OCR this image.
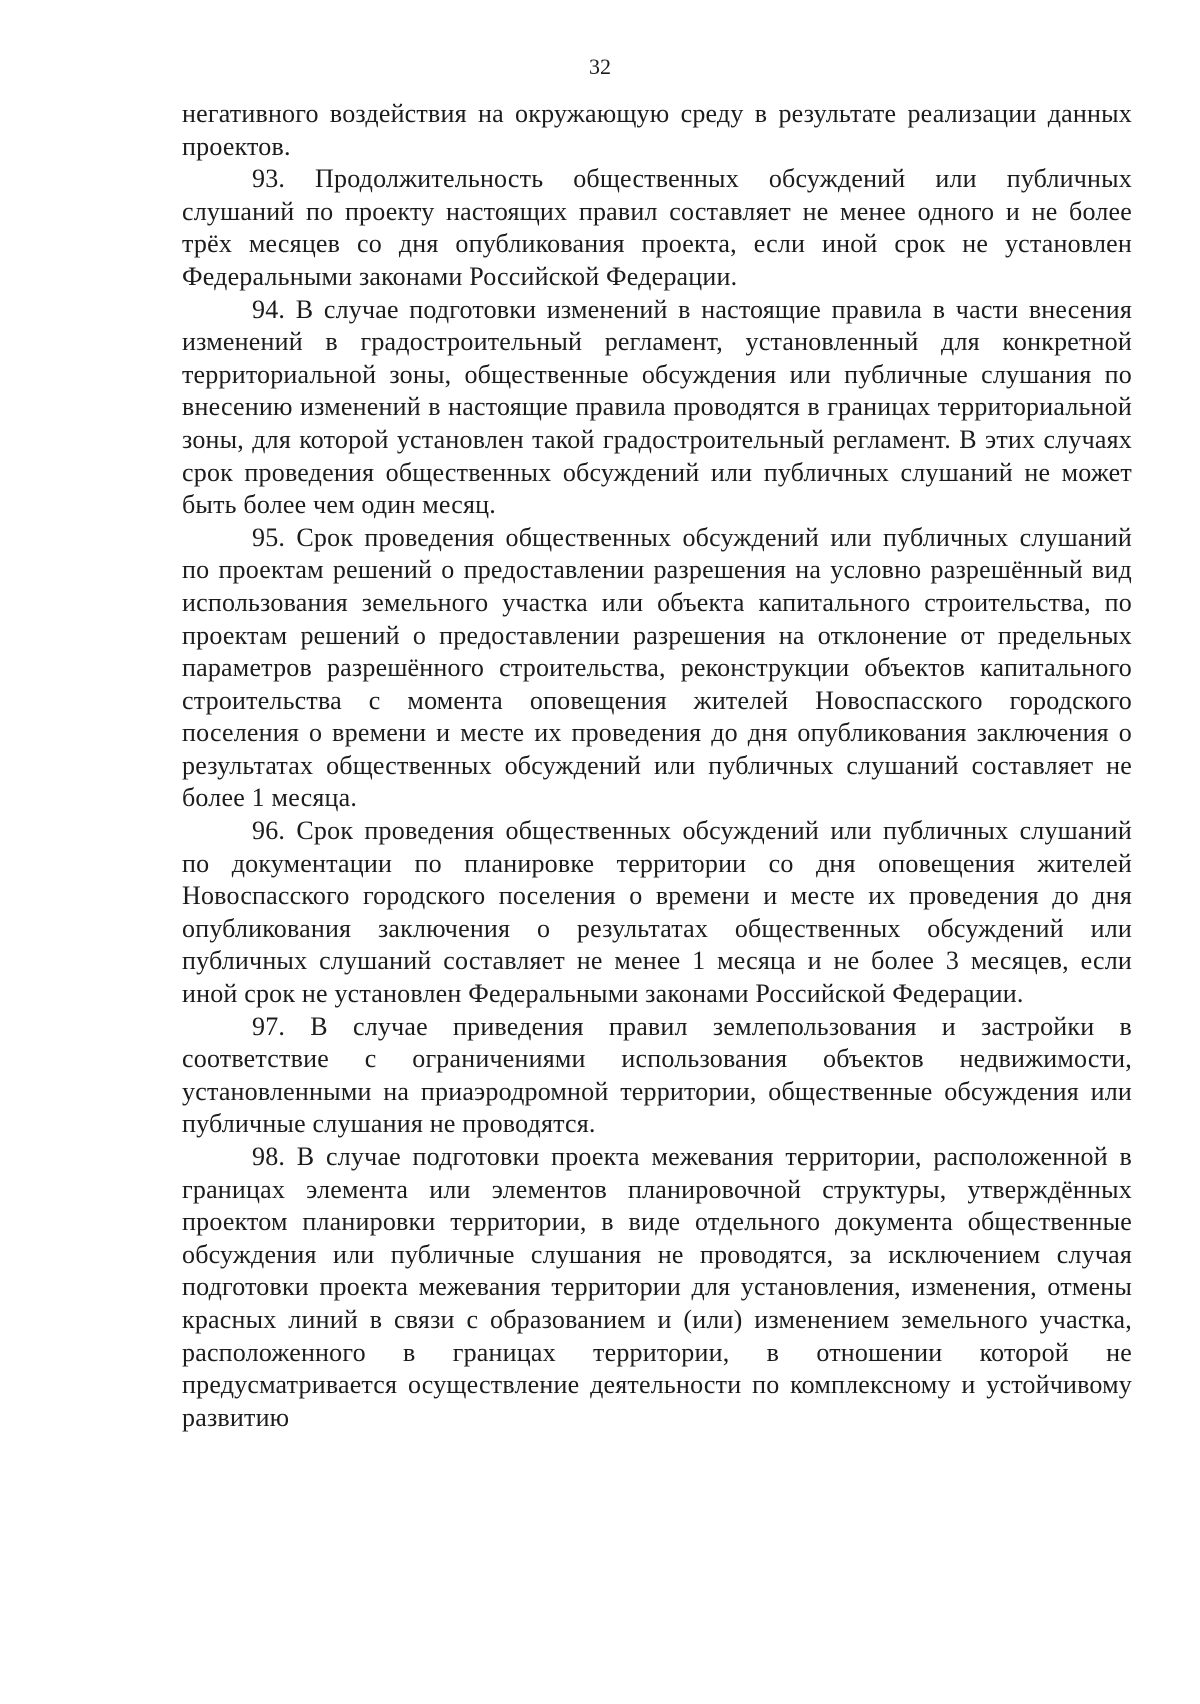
32

негативного воздействия на окружающую среду в результате реализации данных проектов.

93. Продолжительность общественных обсуждений или публичных слушаний по проекту настоящих правил составляет не менее одного и не более трёх месяцев со дня опубликования проекта, если иной срок не установлен Федеральными законами Российской Федерации.

94. В случае подготовки изменений в настоящие правила в части внесения изменений в градостроительный регламент, установленный для конкретной территориальной зоны, общественные обсуждения или публичные слушания по внесению изменений в настоящие правила проводятся в границах территориальной зоны, для которой установлен такой градостроительный регламент. В этих случаях срок проведения общественных обсуждений или публичных слушаний не может быть более чем один месяц.

95. Срок проведения общественных обсуждений или публичных слушаний по проектам решений о предоставлении разрешения на условно разрешённый вид использования земельного участка или объекта капитального строительства, по проектам решений о предоставлении разрешения на отклонение от предельных параметров разрешённого строительства, реконструкции объектов капитального строительства с момента оповещения жителей Новоспасского городского поселения о времени и месте их проведения до дня опубликования заключения о результатах общественных обсуждений или публичных слушаний составляет не более 1 месяца.

96. Срок проведения общественных обсуждений или публичных слушаний по документации по планировке территории со дня оповещения жителей Новоспасского городского поселения о времени и месте их проведения до дня опубликования заключения о результатах общественных обсуждений или публичных слушаний составляет не менее 1 месяца и не более 3 месяцев, если иной срок не установлен Федеральными законами Российской Федерации.

97. В случае приведения правил землепользования и застройки в соответствие с ограничениями использования объектов недвижимости, установленными на приаэродромной территории, общественные обсуждения или публичные слушания не проводятся.

98. В случае подготовки проекта межевания территории, расположенной в границах элемента или элементов планировочной структуры, утверждённых проектом планировки территории, в виде отдельного документа общественные обсуждения или публичные слушания не проводятся, за исключением случая подготовки проекта межевания территории для установления, изменения, отмены красных линий в связи с образованием и (или) изменением земельного участка, расположенного в границах территории, в отношении которой не предусматривается осуществление деятельности по комплексному и устойчивому развитию
